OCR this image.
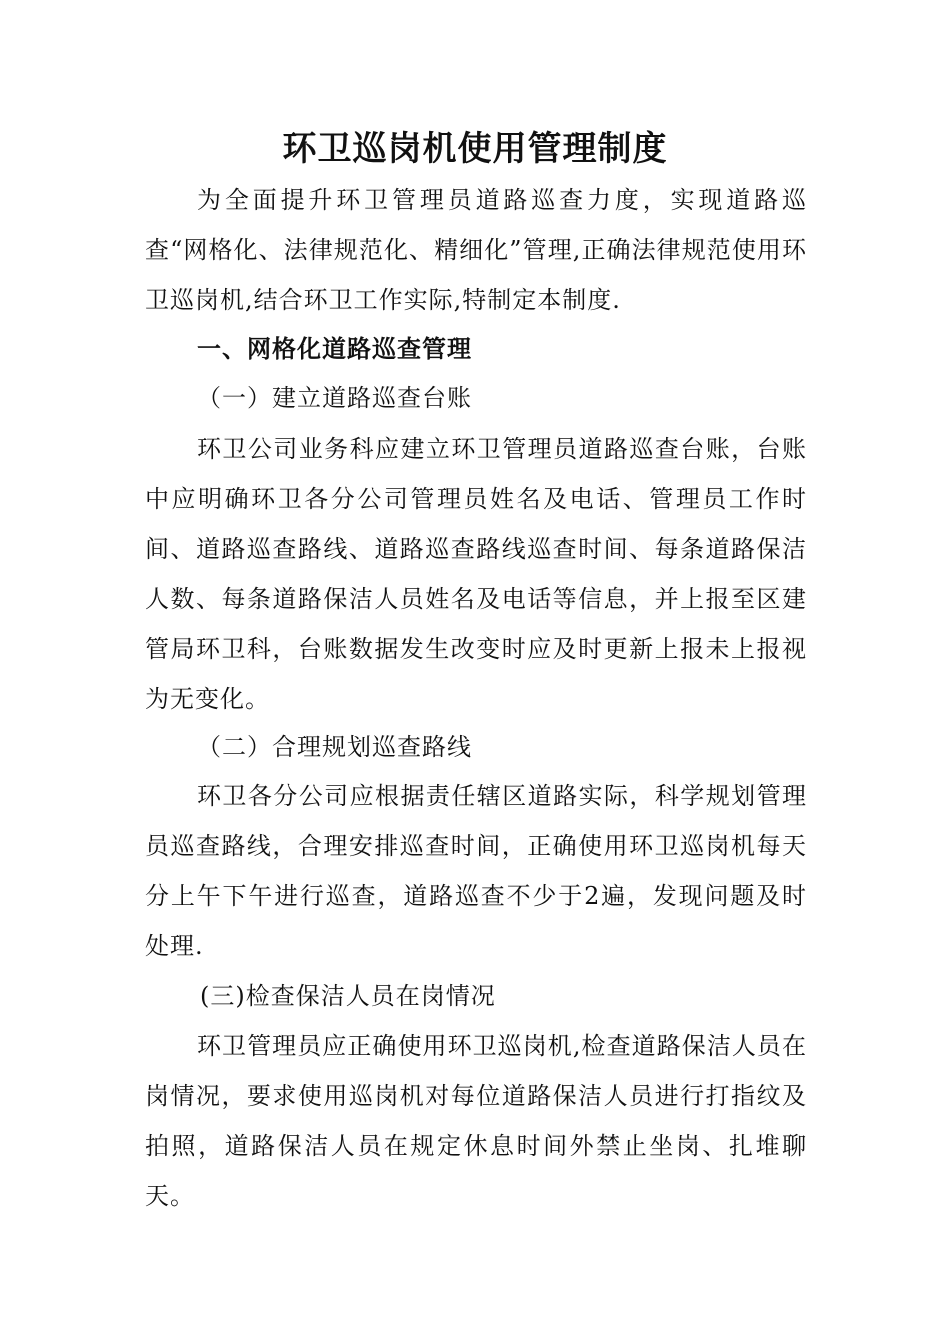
环卫巡岗机使用管理制度

为全面提升环卫管理员道路巡查力度，实现道路巡查“网格化、法律规范化、精细化”管理,正确法律规范使用环卫巡岗机,结合环卫工作实际,特制定本制度.

一、网格化道路巡查管理

（一）建立道路巡查台账

环卫公司业务科应建立环卫管理员道路巡查台账，台账中应明确环卫各分公司管理员姓名及电话、管理员工作时间、道路巡查路线、道路巡查路线巡查时间、每条道路保洁人数、每条道路保洁人员姓名及电话等信息，并上报至区建管局环卫科，台账数据发生改变时应及时更新上报未上报视为无变化。

（二）合理规划巡查路线

环卫各分公司应根据责任辖区道路实际，科学规划管理员巡查路线，合理安排巡查时间，正确使用环卫巡岗机每天分上午下午进行巡查，道路巡查不少于2遍，发现问题及时处理.

(三)检查保洁人员在岗情况

环卫管理员应正确使用环卫巡岗机,检查道路保洁人员在岗情况，要求使用巡岗机对每位道路保洁人员进行打指纹及拍照，道路保洁人员在规定休息时间外禁止坐岗、扎堆聊天。
